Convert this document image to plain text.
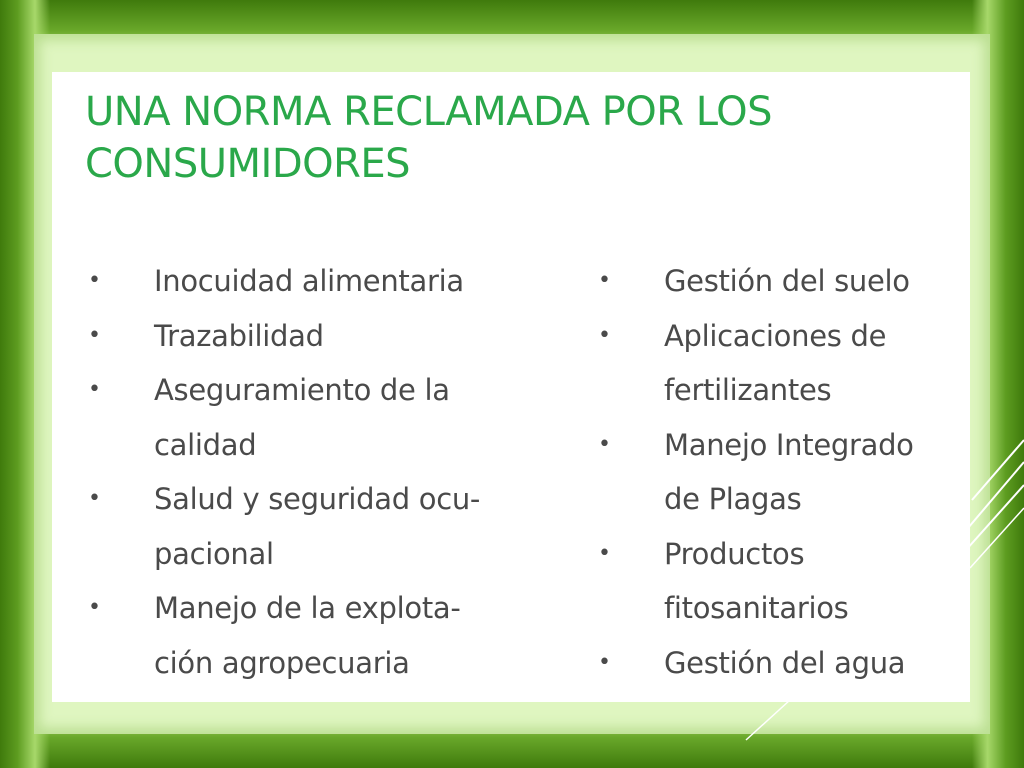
UNA NORMA RECLAMADA POR LOS
CONSUMIDORES
• Inocuidad alimentaria
• Trazabilidad
• Aseguramiento de la
calidad
• Salud y seguridad ocu-
pacional
• Manejo de la explota-
ción agropecuaria
• Gestión del suelo
• Aplicaciones de
fertilizantes
• Manejo Integrado
de Plagas
• Productos
fitosanitarios
• Gestión del agua
